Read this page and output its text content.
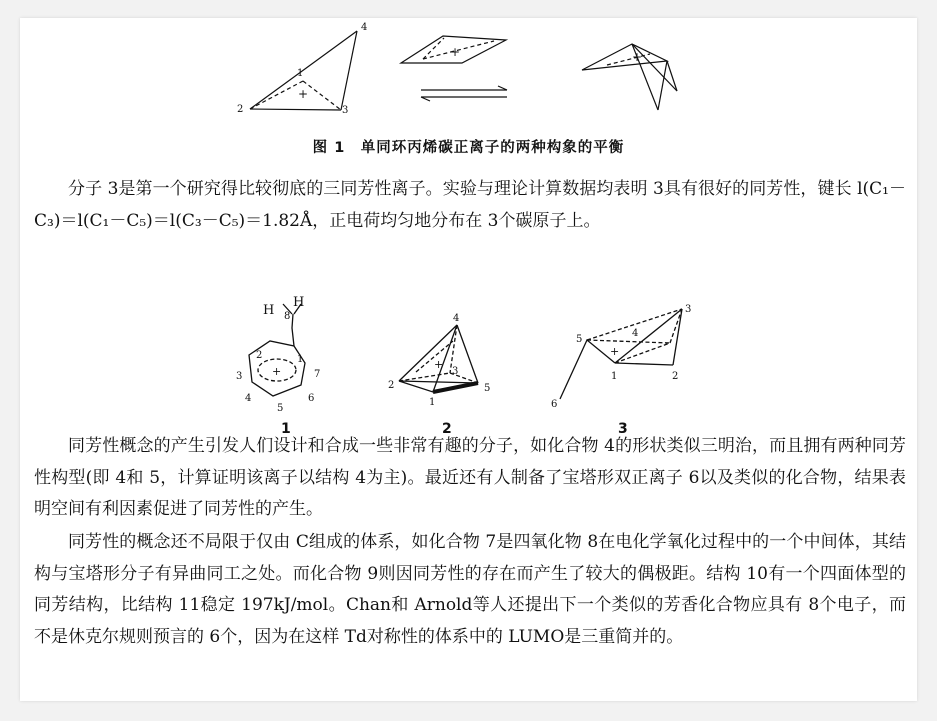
1
2	3
4
+
+	+
图 1　单同环丙烯碳正离子的两种构象的平衡

分子 3是第一个研究得比较彻底的三同芳性离子。实验与理论计算数据均表明 3具有很好的同芳性，键长 l(C₁－C₃)＝l(C₁－C₅)＝l(C₃－C₅)＝1.82Å，正电荷均匀地分布在 3个碳原子上。

H
H
8
1
2
3
4
5
6
7
+
1
4
2
3
1
5
+
2
3
5
4
1	2
6
+
3

同芳性概念的产生引发人们设计和合成一些非常有趣的分子，如化合物 4的形状类似三明治，而且拥有两种同芳性构型(即 4和 5，计算证明该离子以结构 4为主)。最近还有人制备了宝塔形双正离子 6以及类似的化合物，结果表明空间有利因素促进了同芳性的产生。

同芳性的概念还不局限于仅由 C组成的体系，如化合物 7是四氧化物 8在电化学氧化过程中的一个中间体，其结构与宝塔形分子有异曲同工之处。而化合物 9则因同芳性的存在而产生了较大的偶极距。结构 10有一个四面体型的同芳结构，比结构 11稳定 197kJ/mol。Chan和 Arnold等人还提出下一个类似的芳香化合物应具有 8个电子，而不是休克尔规则预言的 6个，因为在这样 Td对称性的体系中的 LUMO是三重简并的。
